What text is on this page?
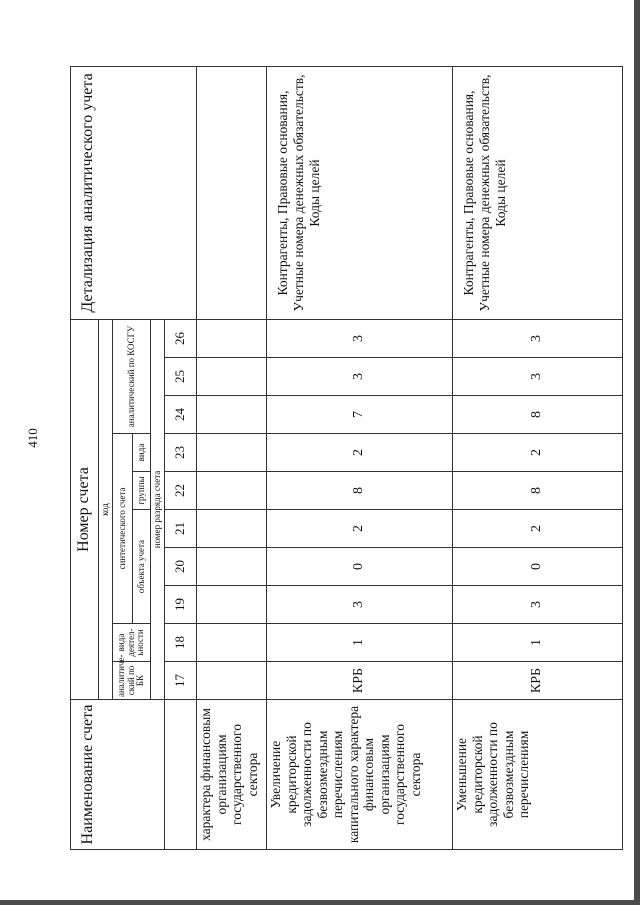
410
Наименование счета	Номер счета										Детализация аналитического учета
	код										
	аналитический по БК	вида деятельности	синтетического счета					аналитический по КОСГУ			
			объекта учета			группы	вида				
	номер разряда счета										
	17	18	19	20	21	22	23	24	25	26	
характера финансовым организациям государственного сектора											
Увеличение кредиторской задолженности по безвозмездным перечислениям капитального характера финансовым организациям государственного сектора	КРБ	1	3	0	2	8	2	7	3	3	Контрагенты, Правовые основания, Учетные номера денежных обязательств, Коды целей
Уменьшение кредиторской задолженности по безвозмездным перечислениям	КРБ	1	3	0	2	8	2	8	3	3	Контрагенты, Правовые основания, Учетные номера денежных обязательств, Коды целей
